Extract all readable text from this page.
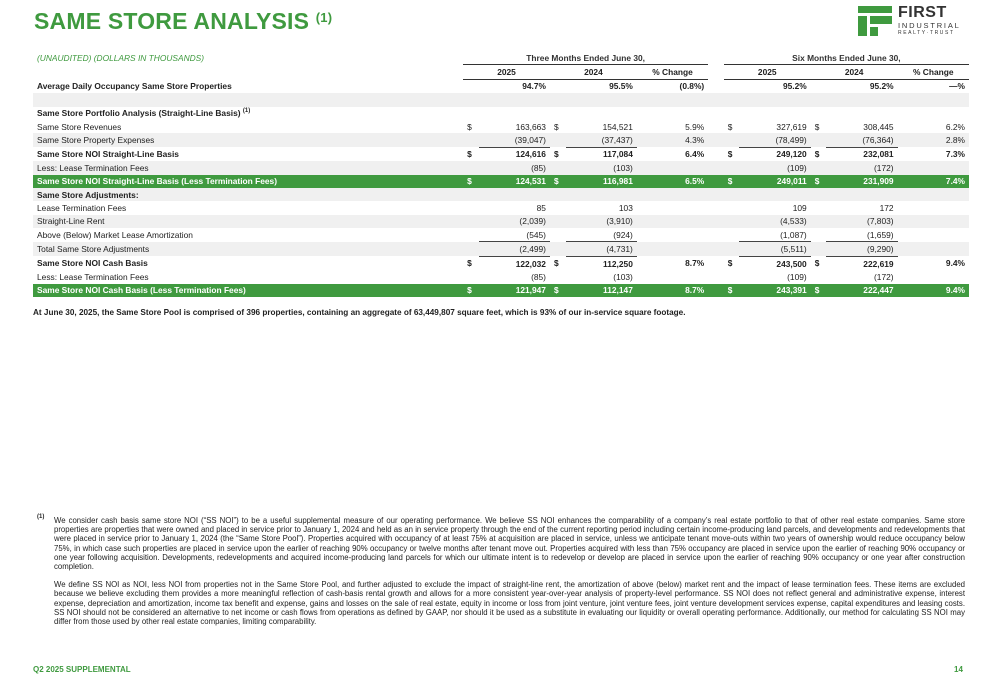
SAME STORE ANALYSIS $^{(1)}$	FIRST
INDUSTRIAL
REALTY·TRUST
(UNAUDITED) (DOLLARS IN THOUSANDS)	Three Months Ended June 30,						Six Months Ended June 30,				
	2025		2024		% Change		2025		2024		% Change
Average Daily Occupancy Same Store Properties		94.7%		95.5%	(0.8%)			95.2%		95.2%	—%

Same Store Portfolio Analysis (Straight-Line Basis) $^{(1)}$											
Same Store Revenues	$	163,663	$	154,521	5.9%		$	327,619	$	308,445	6.2%
Same Store Property Expenses		(39,047)		(37,437)	4.3%			(78,499)		(76,364)	2.8%
Same Store NOI Straight-Line Basis	$	124,616	$	117,084	6.4%		$	249,120	$	232,081	7.3%
Less: Lease Termination Fees		(85)		(103)				(109)		(172)	
Same Store NOI Straight-Line Basis (Less Termination Fees)	$	124,531	$	116,981	6.5%		$	249,011	$	231,909	7.4%
Same Store Adjustments:											
Lease Termination Fees		85		103				109		172	
Straight-Line Rent		(2,039)		(3,910)				(4,533)		(7,803)	
Above (Below) Market Lease Amortization		(545)		(924)				(1,087)		(1,659)	
Total Same Store Adjustments		(2,499)		(4,731)				(5,511)		(9,290)	
Same Store NOI Cash Basis	$	122,032	$	112,250	8.7%		$	243,500	$	222,619	9.4%
Less: Lease Termination Fees		(85)		(103)				(109)		(172)	
Same Store NOI Cash Basis (Less Termination Fees)	$	121,947	$	112,147	8.7%		$	243,391	$	222,447	9.4%
At June 30, 2025, the Same Store Pool is comprised of 396 properties, containing an aggregate of 63,449,807 square feet, which is 93% of our in-service square footage.
(1) We consider cash basis same store NOI (“SS NOI”) to be a useful supplemental measure of our operating performance. We believe SS NOI enhances the comparability of a company’s real estate portfolio to that of other real estate companies. Same store properties are properties that were owned and placed in service prior to January 1, 2024 and held as an in service property through the end of the current reporting period including certain income-producing land parcels, and developments and redevelopments that were placed in service prior to January 1, 2024 (the “Same Store Pool”). Properties acquired with occupancy of at least 75% at acquisition are placed in service, unless we anticipate tenant move-outs within two years of ownership would reduce occupancy below 75%, in which case such properties are placed in service upon the earlier of reaching 90% occupancy or twelve months after tenant move out. Properties acquired with less than 75% occupancy are placed in service upon the earlier of reaching 90% occupancy or one year following acquisition. Developments, redevelopments and acquired income-producing land parcels for which our ultimate intent is to redevelop or develop are placed in service upon the earlier of reaching 90% occupancy or one year after construction completion.

We define SS NOI as NOI, less NOI from properties not in the Same Store Pool, and further adjusted to exclude the impact of straight-line rent, the amortization of above (below) market rent and the impact of lease termination fees. These items are excluded because we believe excluding them provides a more meaningful reflection of cash-basis rental growth and allows for a more consistent year-over-year analysis of property-level performance. SS NOI does not reflect general and administrative expense, interest expense, depreciation and amortization, income tax benefit and expense, gains and losses on the sale of real estate, equity in income or loss from joint venture, joint venture fees, joint venture development services expense, capital expenditures and leasing costs. SS NOI should not be considered an alternative to net income or cash flows from operations as defined by GAAP, nor should it be used as a substitute in evaluating our liquidity or overall operating performance. Additionally, our method for calculating SS NOI may differ from those used by other real estate companies, limiting comparability.

Q2 2025 SUPPLEMENTAL	14
